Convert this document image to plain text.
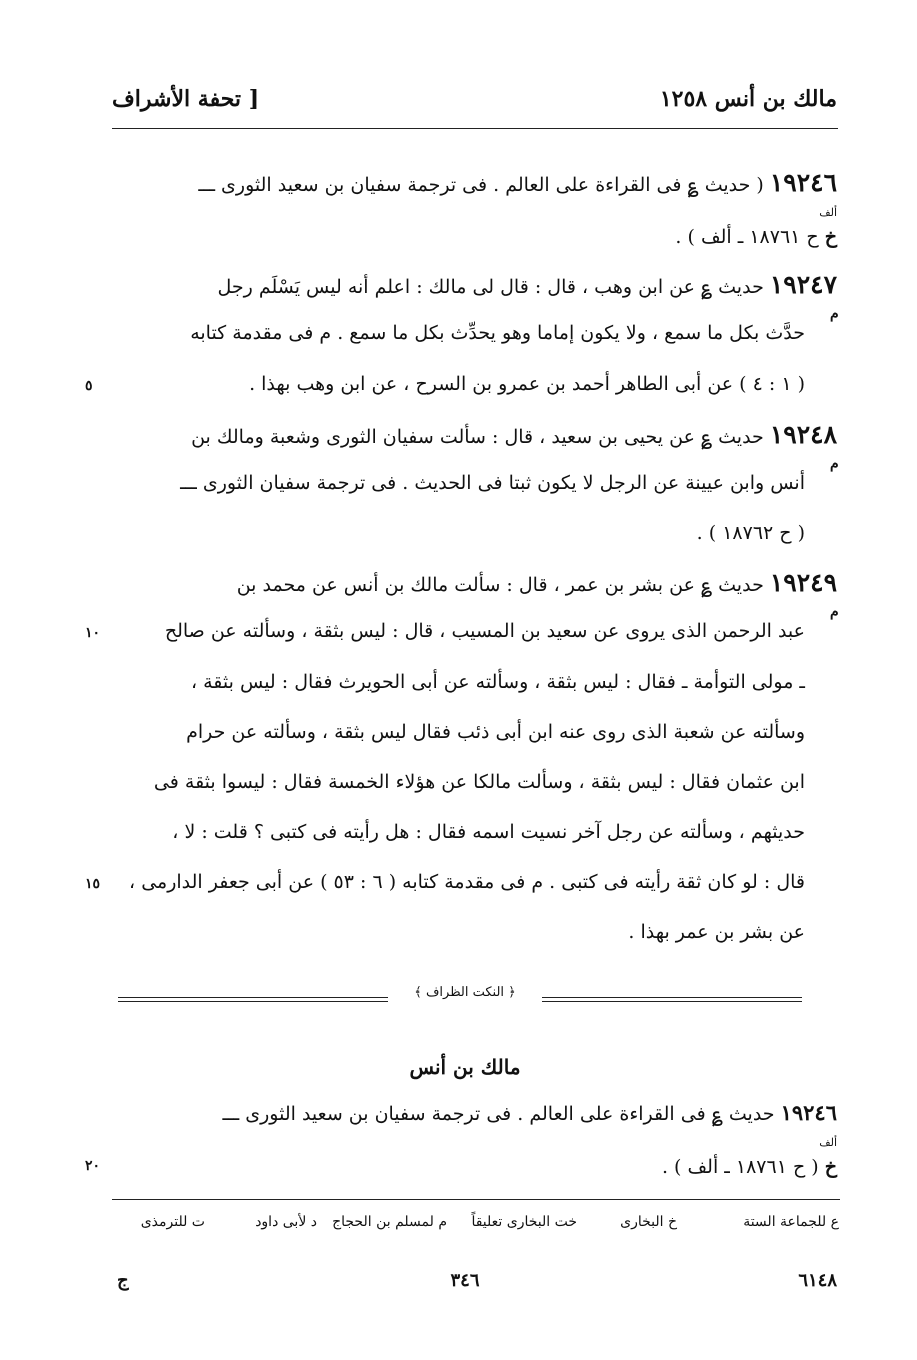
مالك بن أنس ١٢٥٨
[ تحفة الأشراف
١٩٢٤٦ ( حديث ؏ فى القراءة على العالم . فى ترجمة سفيان بن سعيد الثورى ـــ
ألف
خ ح ١٨٧٦١ ـ ألف ) .
١٩٢٤٧ حديث ؏ عن ابن وهب ، قال : قال لى مالك : اعلم أنه ليس يَسْلَم رجل
م
حدَّث بكل ما سمع ، ولا يكون إماما وهو يحدِّث بكل ما سمع . م فى مقدمة كتابه
( ١ : ٤ ) عن أبى الطاهر أحمد بن عمرو بن السرح ، عن ابن وهب بهذا .
٥
١٩٢٤٨ حديث ؏ عن يحيى بن سعيد ، قال : سألت سفيان الثورى وشعبة ومالك بن
م
أنس وابن عيينة عن الرجل لا يكون ثبتا فى الحديث . فى ترجمة سفيان الثورى ـــ
( ح ١٨٧٦٢ ) .
١٩٢٤٩ حديث ؏ عن بشر بن عمر ، قال : سألت مالك بن أنس عن محمد بن
م
عبد الرحمن الذى يروى عن سعيد بن المسيب ، قال : ليس بثقة ، وسألته عن صالح
١٠
ـ مولى التوأمة ـ فقال : ليس بثقة ، وسألته عن أبى الحويرث فقال : ليس بثقة ،
وسألته عن شعبة الذى روى عنه ابن أبى ذئب فقال ليس بثقة ، وسألته عن حرام
ابن عثمان فقال : ليس بثقة ، وسألت مالكا عن هؤلاء الخمسة فقال : ليسوا بثقة فى
حديثهم ، وسألته عن رجل آخر نسيت اسمه فقال : هل رأيته فى كتبى ؟ قلت : لا ،
قال : لو كان ثقة رأيته فى كتبى . م فى مقدمة كتابه ( ٦ : ٥٣ ) عن أبى جعفر الدارمى ،
١٥
عن بشر بن عمر بهذا .
﴿ النكت الظراف ﴾
مالك بن أنس
١٩٢٤٦ حديث ؏ فى القراءة على العالم . فى ترجمة سفيان بن سعيد الثورى ـــ
ألف
خ ( ح ١٨٧٦١ ـ ألف ) .
٢٠
ع للجماعة الستة
خ البخارى
خت البخارى تعليقاً
م لمسلم بن الحجاج
د لأبى داود
ت للترمذى
٦١٤٨
٣٤٦
ج
